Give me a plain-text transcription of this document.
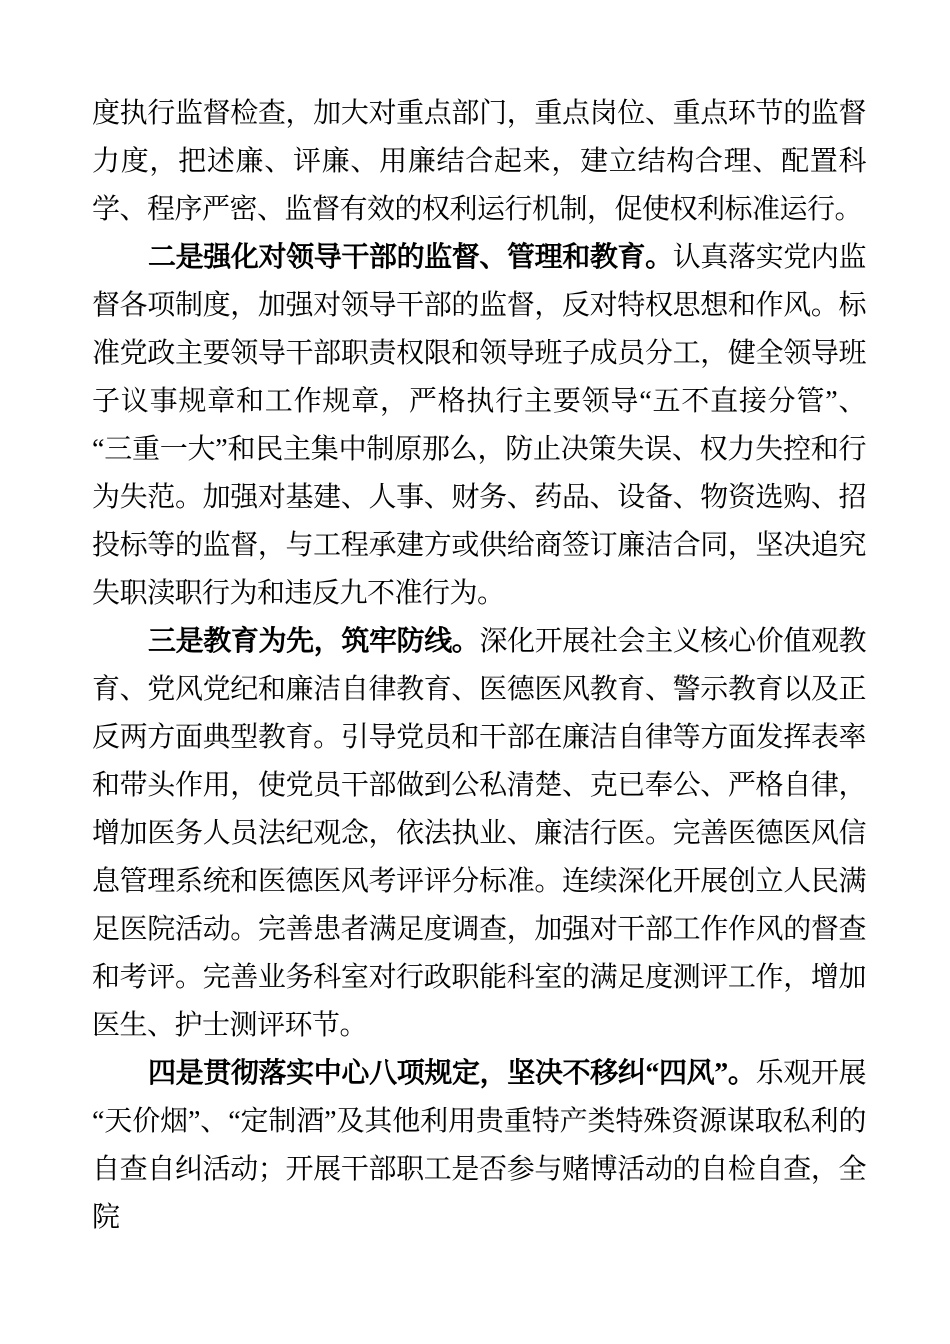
度执行监督检查，加大对重点部门，重点岗位、重点环节的监督力度，把述廉、评廉、用廉结合起来，建立结构合理、配置科学、程序严密、监督有效的权利运行机制，促使权利标准运行。

二是强化对领导干部的监督、管理和教育。认真落实党内监督各项制度，加强对领导干部的监督，反对特权思想和作风。标准党政主要领导干部职责权限和领导班子成员分工，健全领导班子议事规章和工作规章，严格执行主要领导“五不直接分管”、“三重一大”和民主集中制原那么，防止决策失误、权力失控和行为失范。加强对基建、人事、财务、药品、设备、物资选购、招投标等的监督，与工程承建方或供给商签订廉洁合同，坚决追究失职渎职行为和违反九不准行为。

三是教育为先，筑牢防线。深化开展社会主义核心价值观教育、党风党纪和廉洁自律教育、医德医风教育、警示教育以及正反两方面典型教育。引导党员和干部在廉洁自律等方面发挥表率和带头作用，使党员干部做到公私清楚、克已奉公、严格自律，增加医务人员法纪观念，依法执业、廉洁行医。完善医德医风信息管理系统和医德医风考评评分标准。连续深化开展创立人民满足医院活动。完善患者满足度调查，加强对干部工作作风的督查和考评。完善业务科室对行政职能科室的满足度测评工作，增加医生、护士测评环节。

四是贯彻落实中心八项规定，坚决不移纠“四风”。乐观开展“天价烟”、“定制酒”及其他利用贵重特产类特殊资源谋取私利的自查自纠活动；开展干部职工是否参与赌博活动的自检自查，全院
